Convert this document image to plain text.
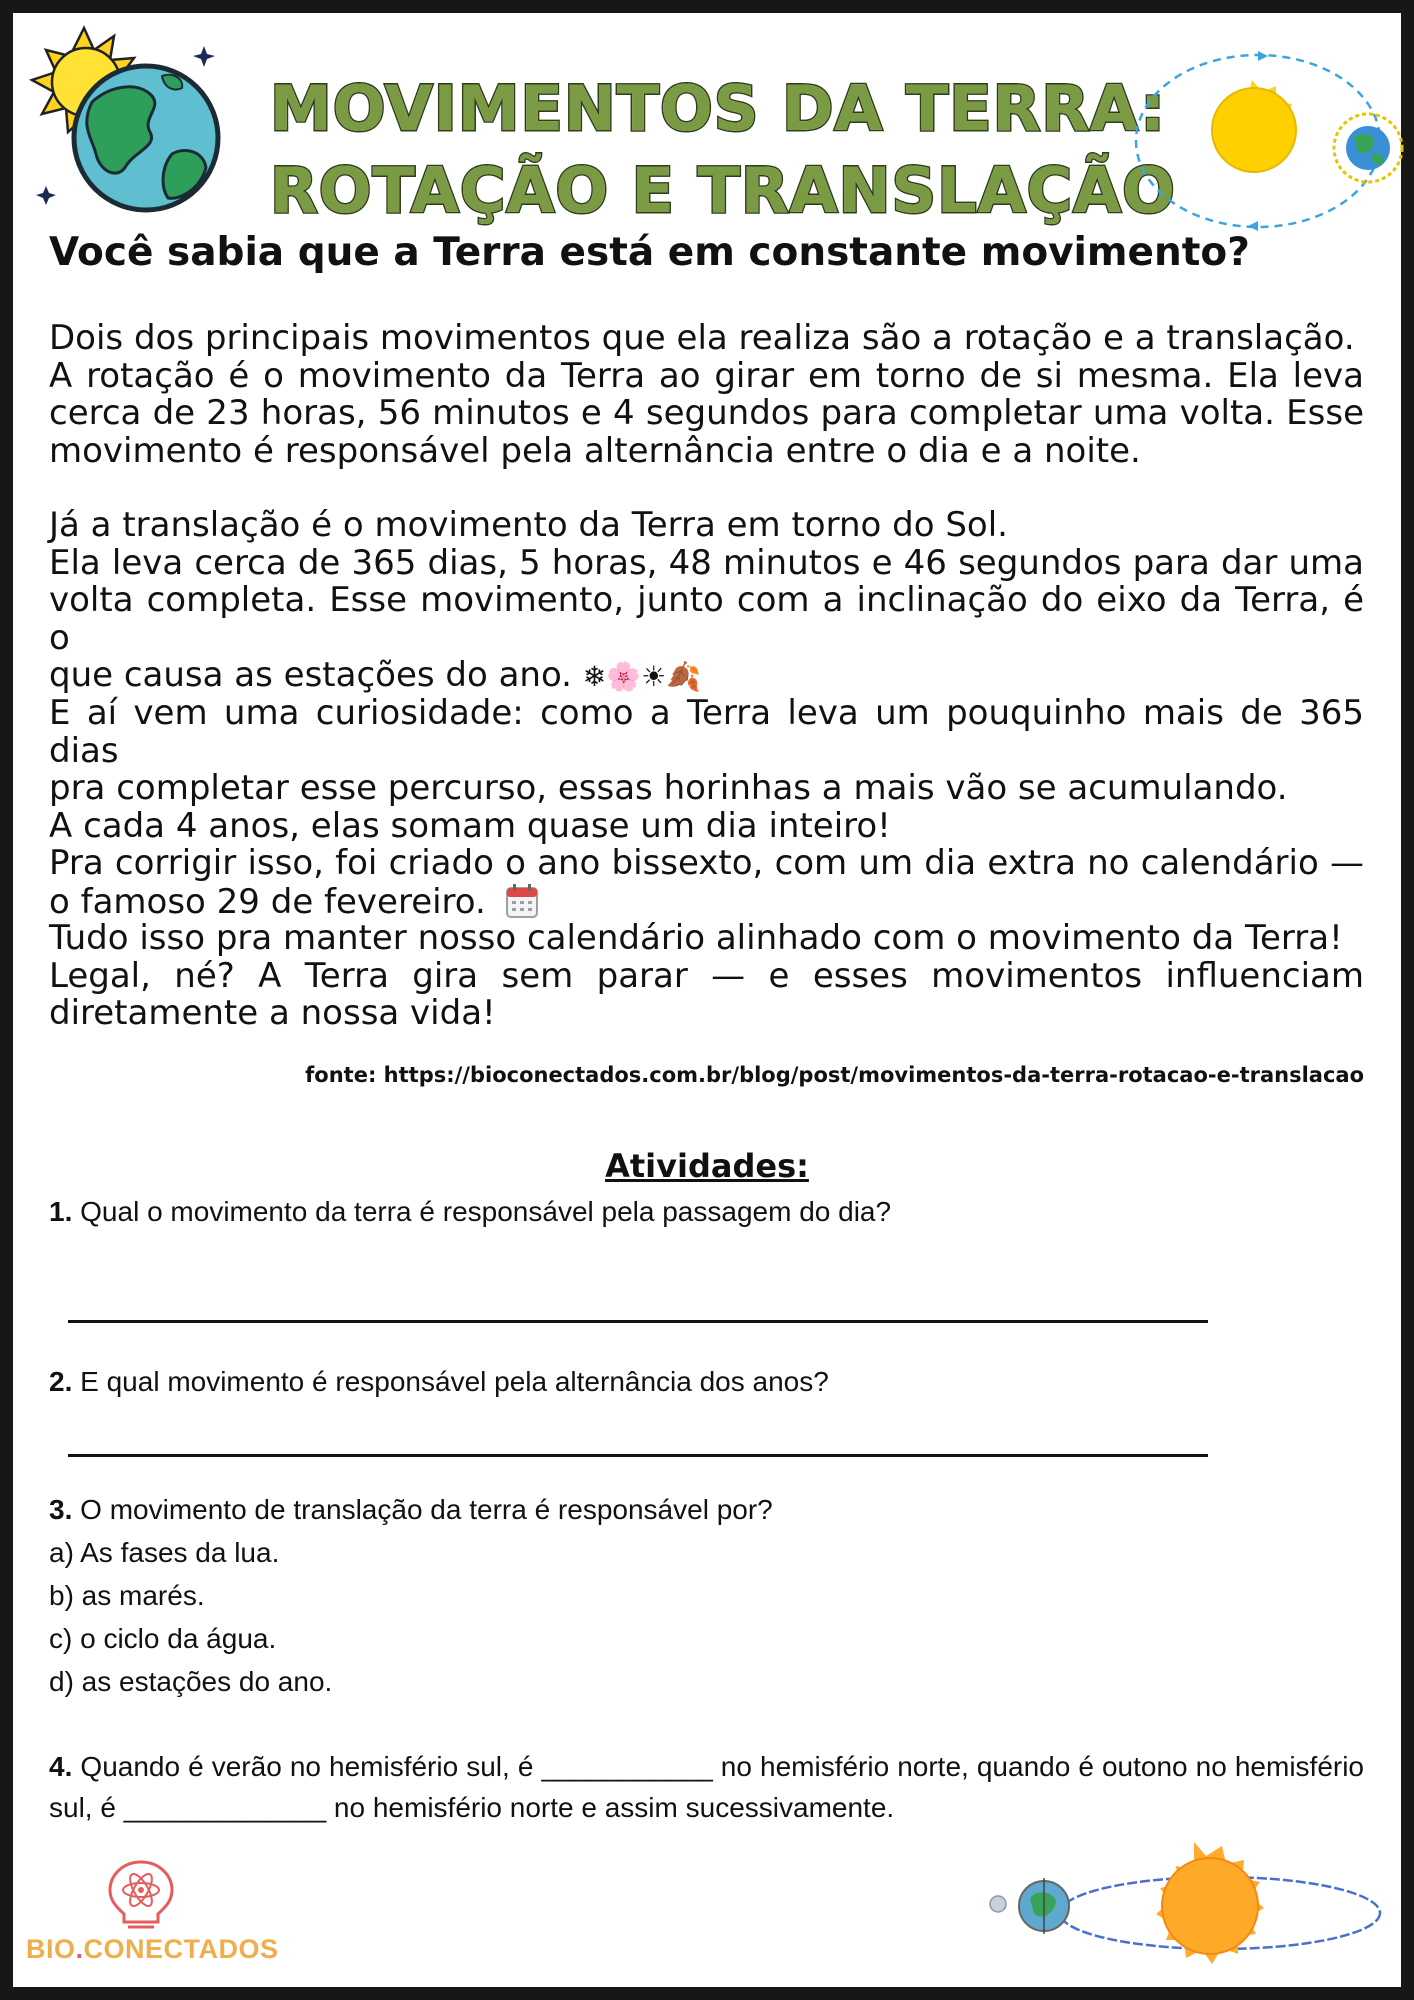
MOVIMENTOS DA TERRA:
ROTAÇÃO E TRANSLAÇÃO
Você sabia que a Terra está em constante movimento?
Dois dos principais movimentos que ela realiza são a rotação e a translação.
A rotação é o movimento da Terra ao girar em torno de si mesma. Ela leva
cerca de 23 horas, 56 minutos e 4 segundos para completar uma volta. Esse
movimento é responsável pela alternância entre o dia e a noite.
Já a translação é o movimento da Terra em torno do Sol.
Ela leva cerca de 365 dias, 5 horas, 48 minutos e 46 segundos para dar uma
volta completa. Esse movimento, junto com a inclinação do eixo da Terra, é o
que causa as estações do ano. ❄🌸☀🍂
E aí vem uma curiosidade: como a Terra leva um pouquinho mais de 365 dias
pra completar esse percurso, essas horinhas a mais vão se acumulando.
A cada 4 anos, elas somam quase um dia inteiro!
Pra corrigir isso, foi criado o ano bissexto, com um dia extra no calendário —
o famoso 29 de fevereiro.
Tudo isso pra manter nosso calendário alinhado com o movimento da Terra!
Legal, né? A Terra gira sem parar — e esses movimentos influenciam
diretamente a nossa vida!
fonte: https://bioconectados.com.br/blog/post/movimentos-da-terra-rotacao-e-translacao
Atividades:
1. Qual o movimento da terra é responsável pela passagem do dia?
2. E qual movimento é responsável pela alternância dos anos?
3. O movimento de translação da terra é responsável por?
a) As fases da lua.
b) as marés.
c) o ciclo da água.
d) as estações do ano.
4. Quando é verão no hemisfério sul, é ___________ no hemisfério norte, quando é outono no hemisfério sul, é _____________ no hemisfério norte e assim sucessivamente.
BIO.CONECTADOS
